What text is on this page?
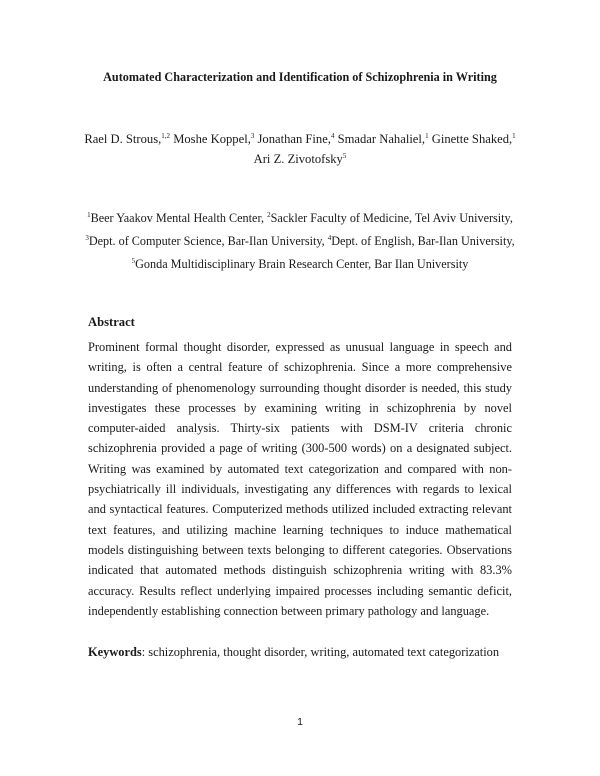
Automated Characterization and Identification of Schizophrenia in Writing
Rael D. Strous,$^{1,2}$ Moshe Koppel,$^3$ Jonathan Fine,$^4$ Smadar Nahaliel,$^1$ Ginette Shaked,$^1$
Ari Z. Zivotofsky$^5$
$^1$Beer Yaakov Mental Health Center, $^2$Sackler Faculty of Medicine, Tel Aviv University,
$^3$Dept. of Computer Science, Bar-Ilan University, $^4$Dept. of English, Bar-Ilan University,
$^5$Gonda Multidisciplinary Brain Research Center, Bar Ilan University
Abstract

Prominent formal thought disorder, expressed as unusual language in speech and writing, is often a central feature of schizophrenia. Since a more comprehensive understanding of phenomenology surrounding thought disorder is needed, this study investigates these processes by examining writing in schizophrenia by novel computer-aided analysis. Thirty-six patients with DSM-IV criteria chronic schizophrenia provided a page of writing (300-500 words) on a designated subject. Writing was examined by automated text categorization and compared with non-psychiatrically ill individuals, investigating any differences with regards to lexical and syntactical features. Computerized methods utilized included extracting relevant text features, and utilizing machine learning techniques to induce mathematical models distinguishing between texts belonging to different categories. Observations indicated that automated methods distinguish schizophrenia writing with 83.3% accuracy. Results reflect underlying impaired processes including semantic deficit, independently establishing connection between primary pathology and language.

Keywords: schizophrenia, thought disorder, writing, automated text categorization
1
